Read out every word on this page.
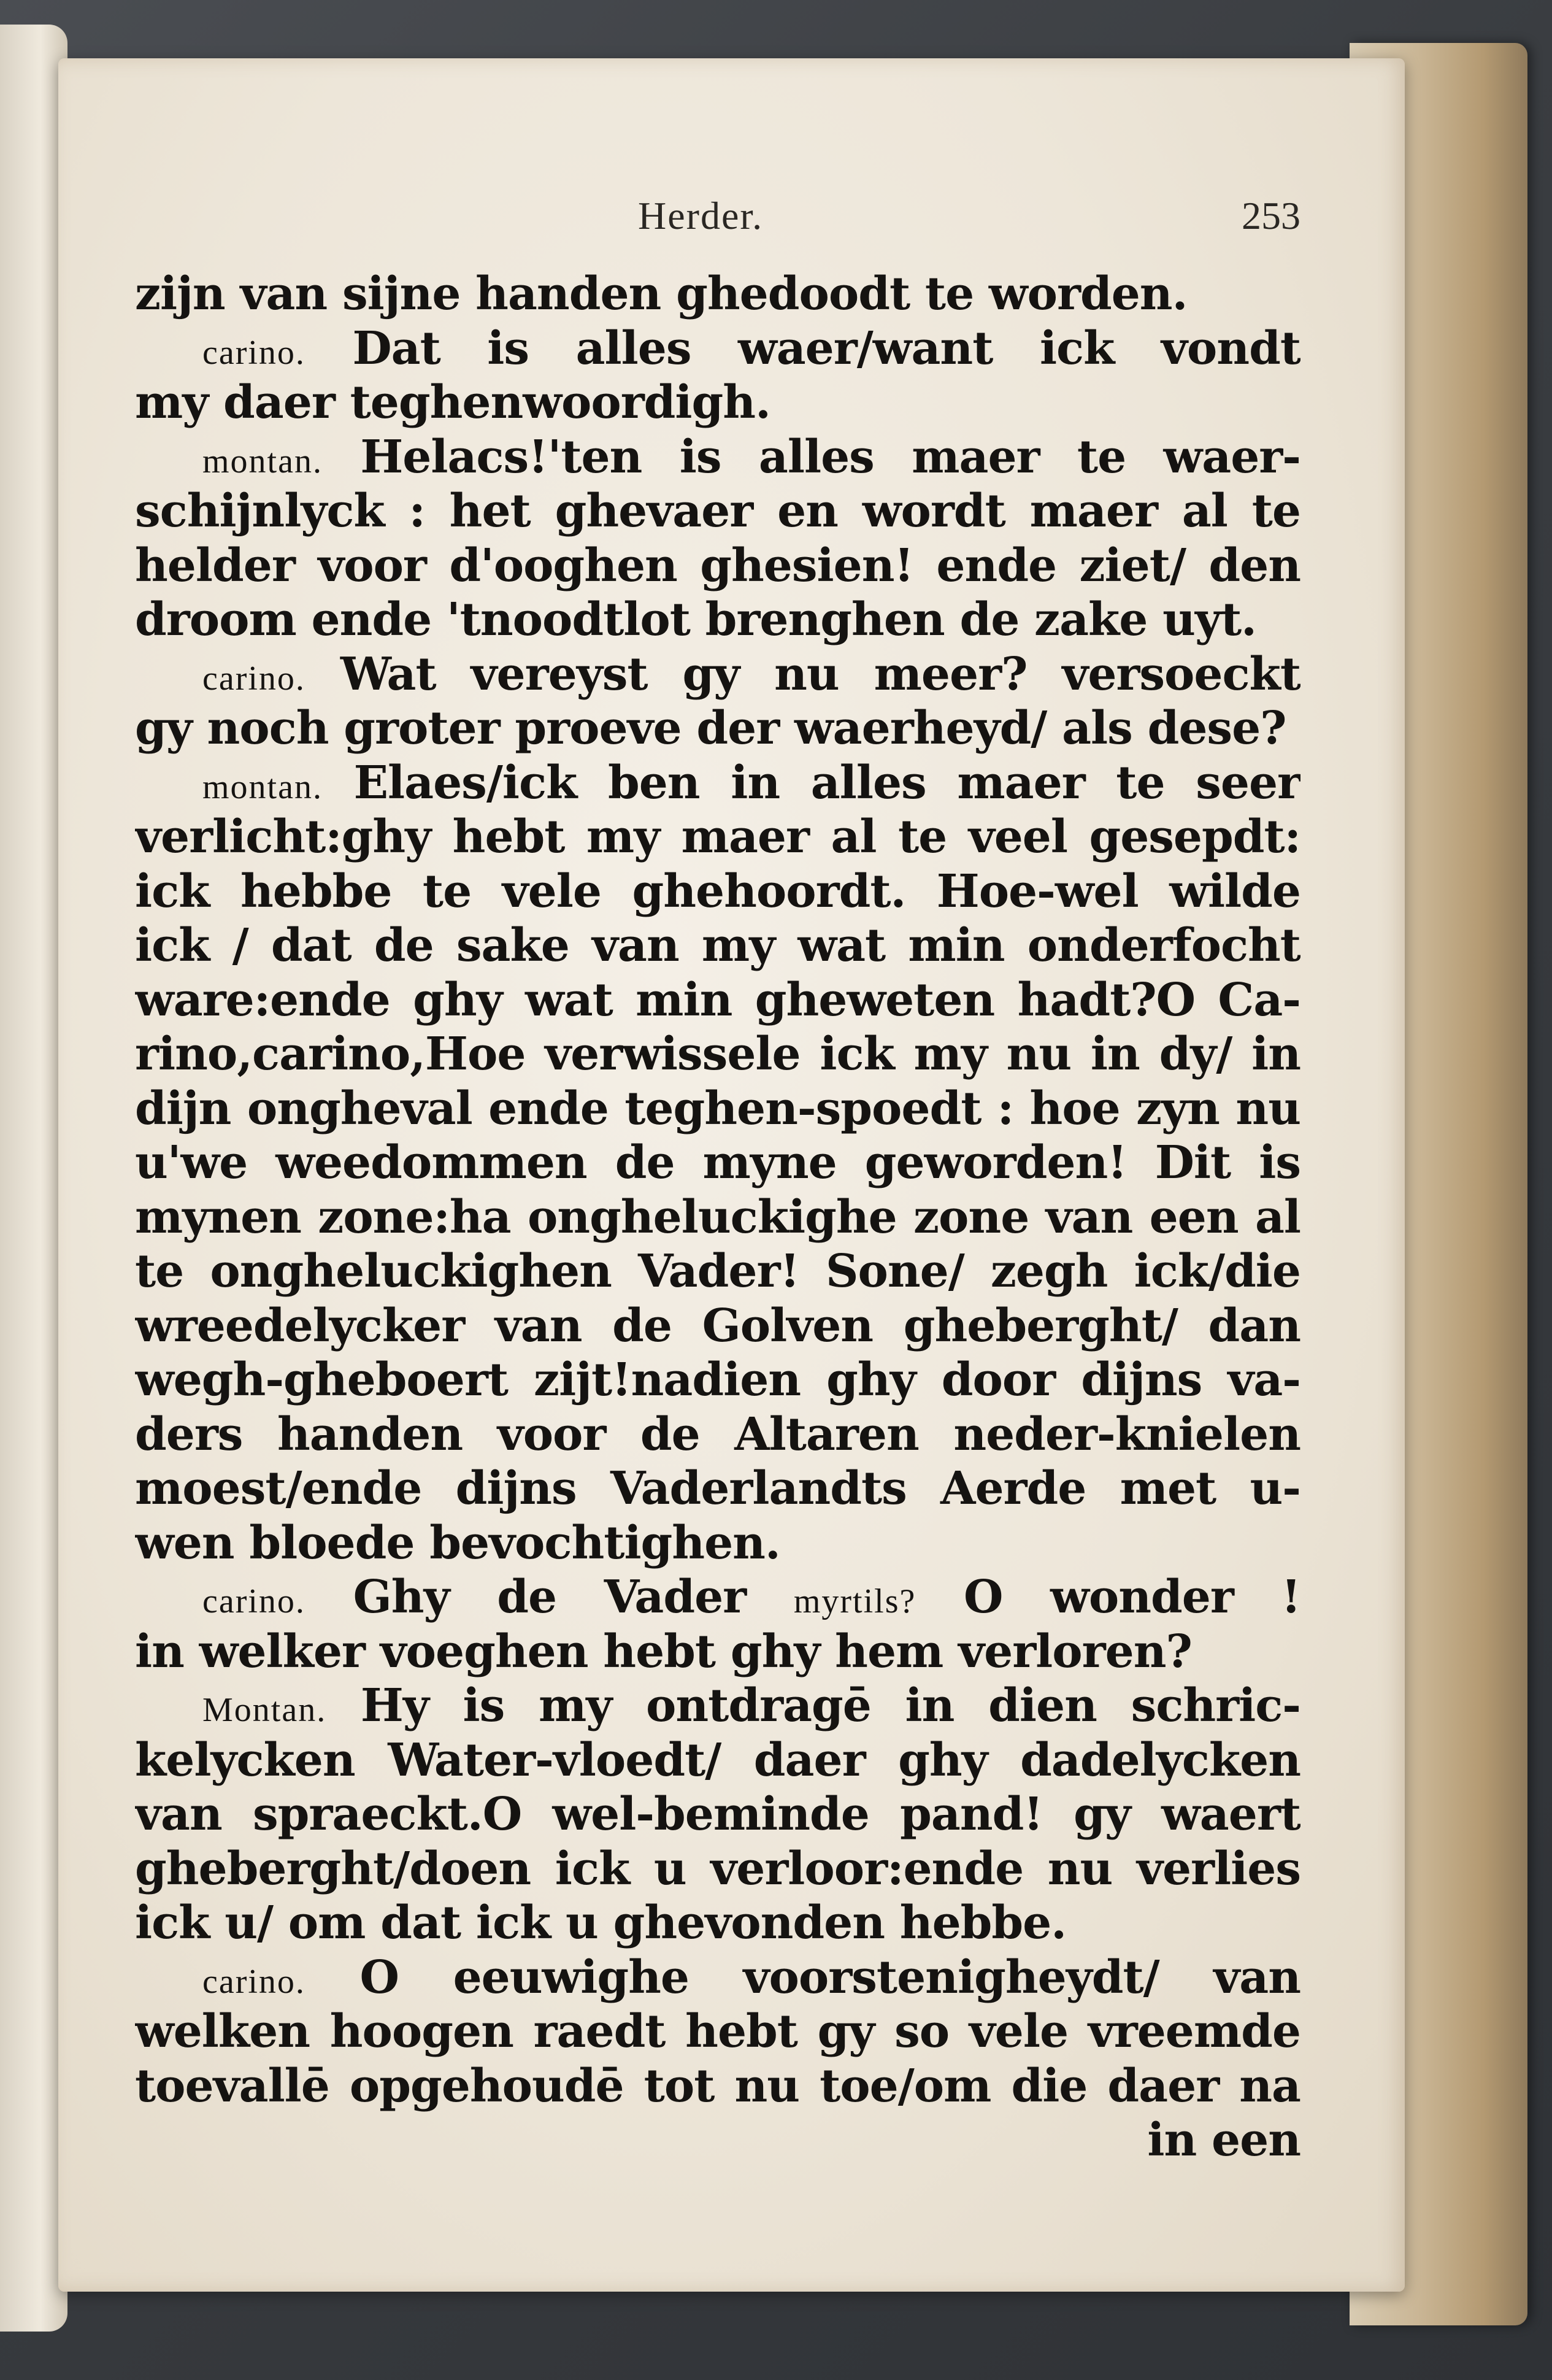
Herder.	253
zijn van sijne handen ghedoodt te worden.
carino. Dat is alles waer/want ick vondt
my daer teghenwoordigh.
montan. Helacs!'ten is alles maer te waer-
schijnlyck : het ghevaer en wordt maer al te
helder voor d'ooghen ghesien! ende ziet/ den
droom ende 'tnoodtlot brenghen de zake uyt.
carino. Wat vereyst gy nu meer? versoeckt
gy noch groter proeve der waerheyd/ als dese?
montan. Elaes/ick ben in alles maer te seer
verlicht:ghy hebt my maer al te veel gesepdt:
ick hebbe te vele ghehoordt. Hoe-wel wilde
ick / dat de sake van my wat min onderfocht
ware:ende ghy wat min gheweten hadt?O Ca-
rino,carino,Hoe verwissele ick my nu in dy/ in
dijn ongheval ende teghen-spoedt : hoe zyn nu
u'we weedommen de myne geworden! Dit is
mynen zone:ha ongheluckighe zone van een al
te ongheluckighen Vader! Sone/ zegh ick/die
wreedelycker van de Golven gheberght/ dan
wegh-gheboert zijt!nadien ghy door dijns va-
ders handen voor de Altaren neder-knielen
moest/ende dijns Vaderlandts Aerde met u-
wen bloede bevochtighen.
carino. Ghy de Vader myrtils? O wonder !
in welker voeghen hebt ghy hem verloren?
Montan. Hy is my ontdragē in dien schric-
kelycken Water-vloedt/ daer ghy dadelycken
van spraeckt.O wel-beminde pand! gy waert
gheberght/doen ick u verloor:ende nu verlies
ick u/ om dat ick u ghevonden hebbe.
carino. O eeuwighe voorstenigheydt/ van
welken hoogen raedt hebt gy so vele vreemde
toevallē opgehoudē tot nu toe/om die daer na
in een
